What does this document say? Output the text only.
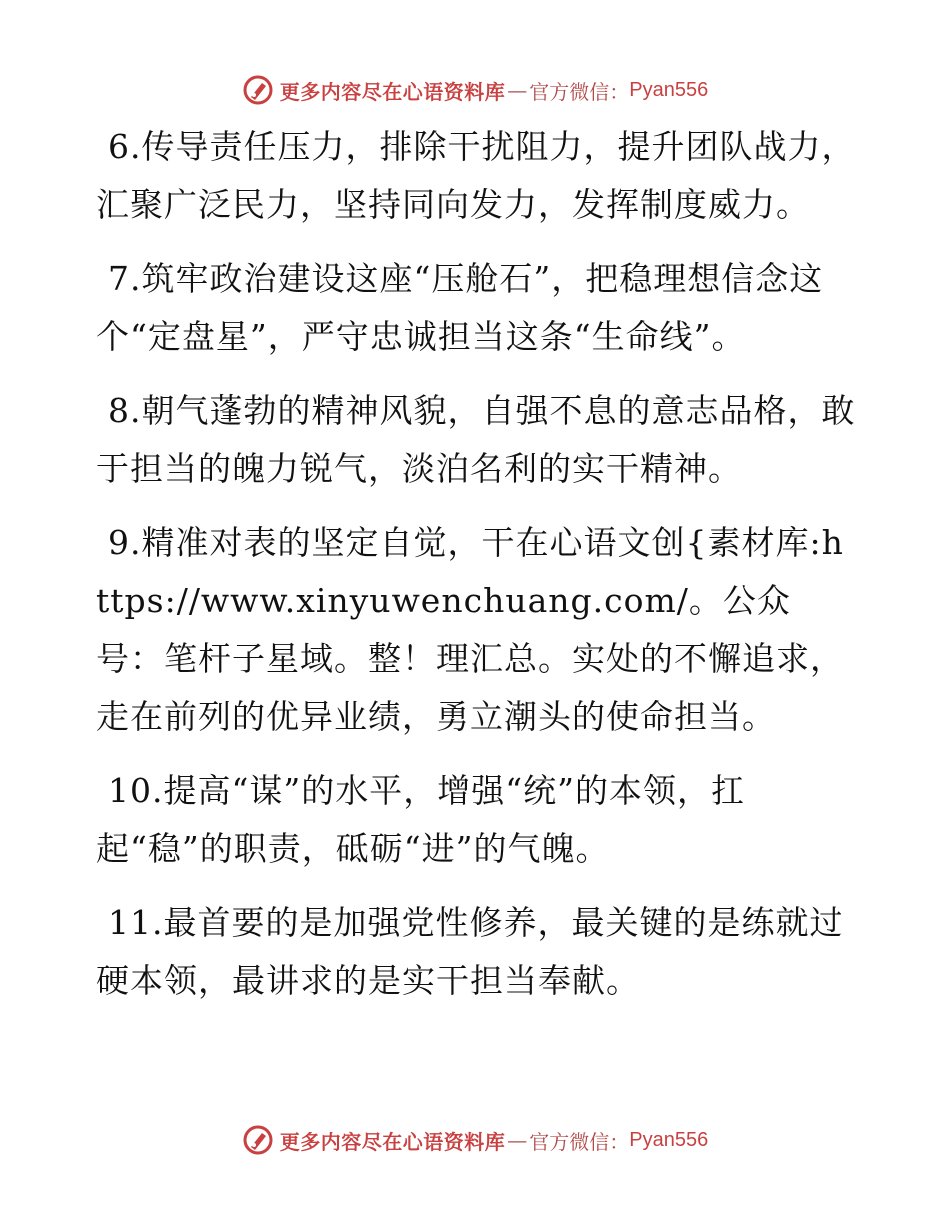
更多内容尽在心语资料库 — 官方微信： Pyan556

6.传导责任压力，排除干扰阻力，提升团队战力，汇聚广泛民力，坚持同向发力，发挥制度威力。

7.筑牢政治建设这座“压舱石”，把稳理想信念这个“定盘星”，严守忠诚担当这条“生命线”。

8.朝气蓬勃的精神风貌，自强不息的意志品格，敢于担当的魄力锐气，淡泊名利的实干精神。

9.精准对表的坚定自觉，干在心语文创{素材库:https://www.xinyuwenchuang.com/。公众号：笔杆子星域。整！理汇总。实处的不懈追求，走在前列的优异业绩，勇立潮头的使命担当。

10.提高“谋”的水平，增强“统”的本领，扛起“稳”的职责，砥砺“进”的气魄。

11.最首要的是加强党性修养，最关键的是练就过硬本领，最讲求的是实干担当奉献。

更多内容尽在心语资料库 — 官方微信： Pyan556
